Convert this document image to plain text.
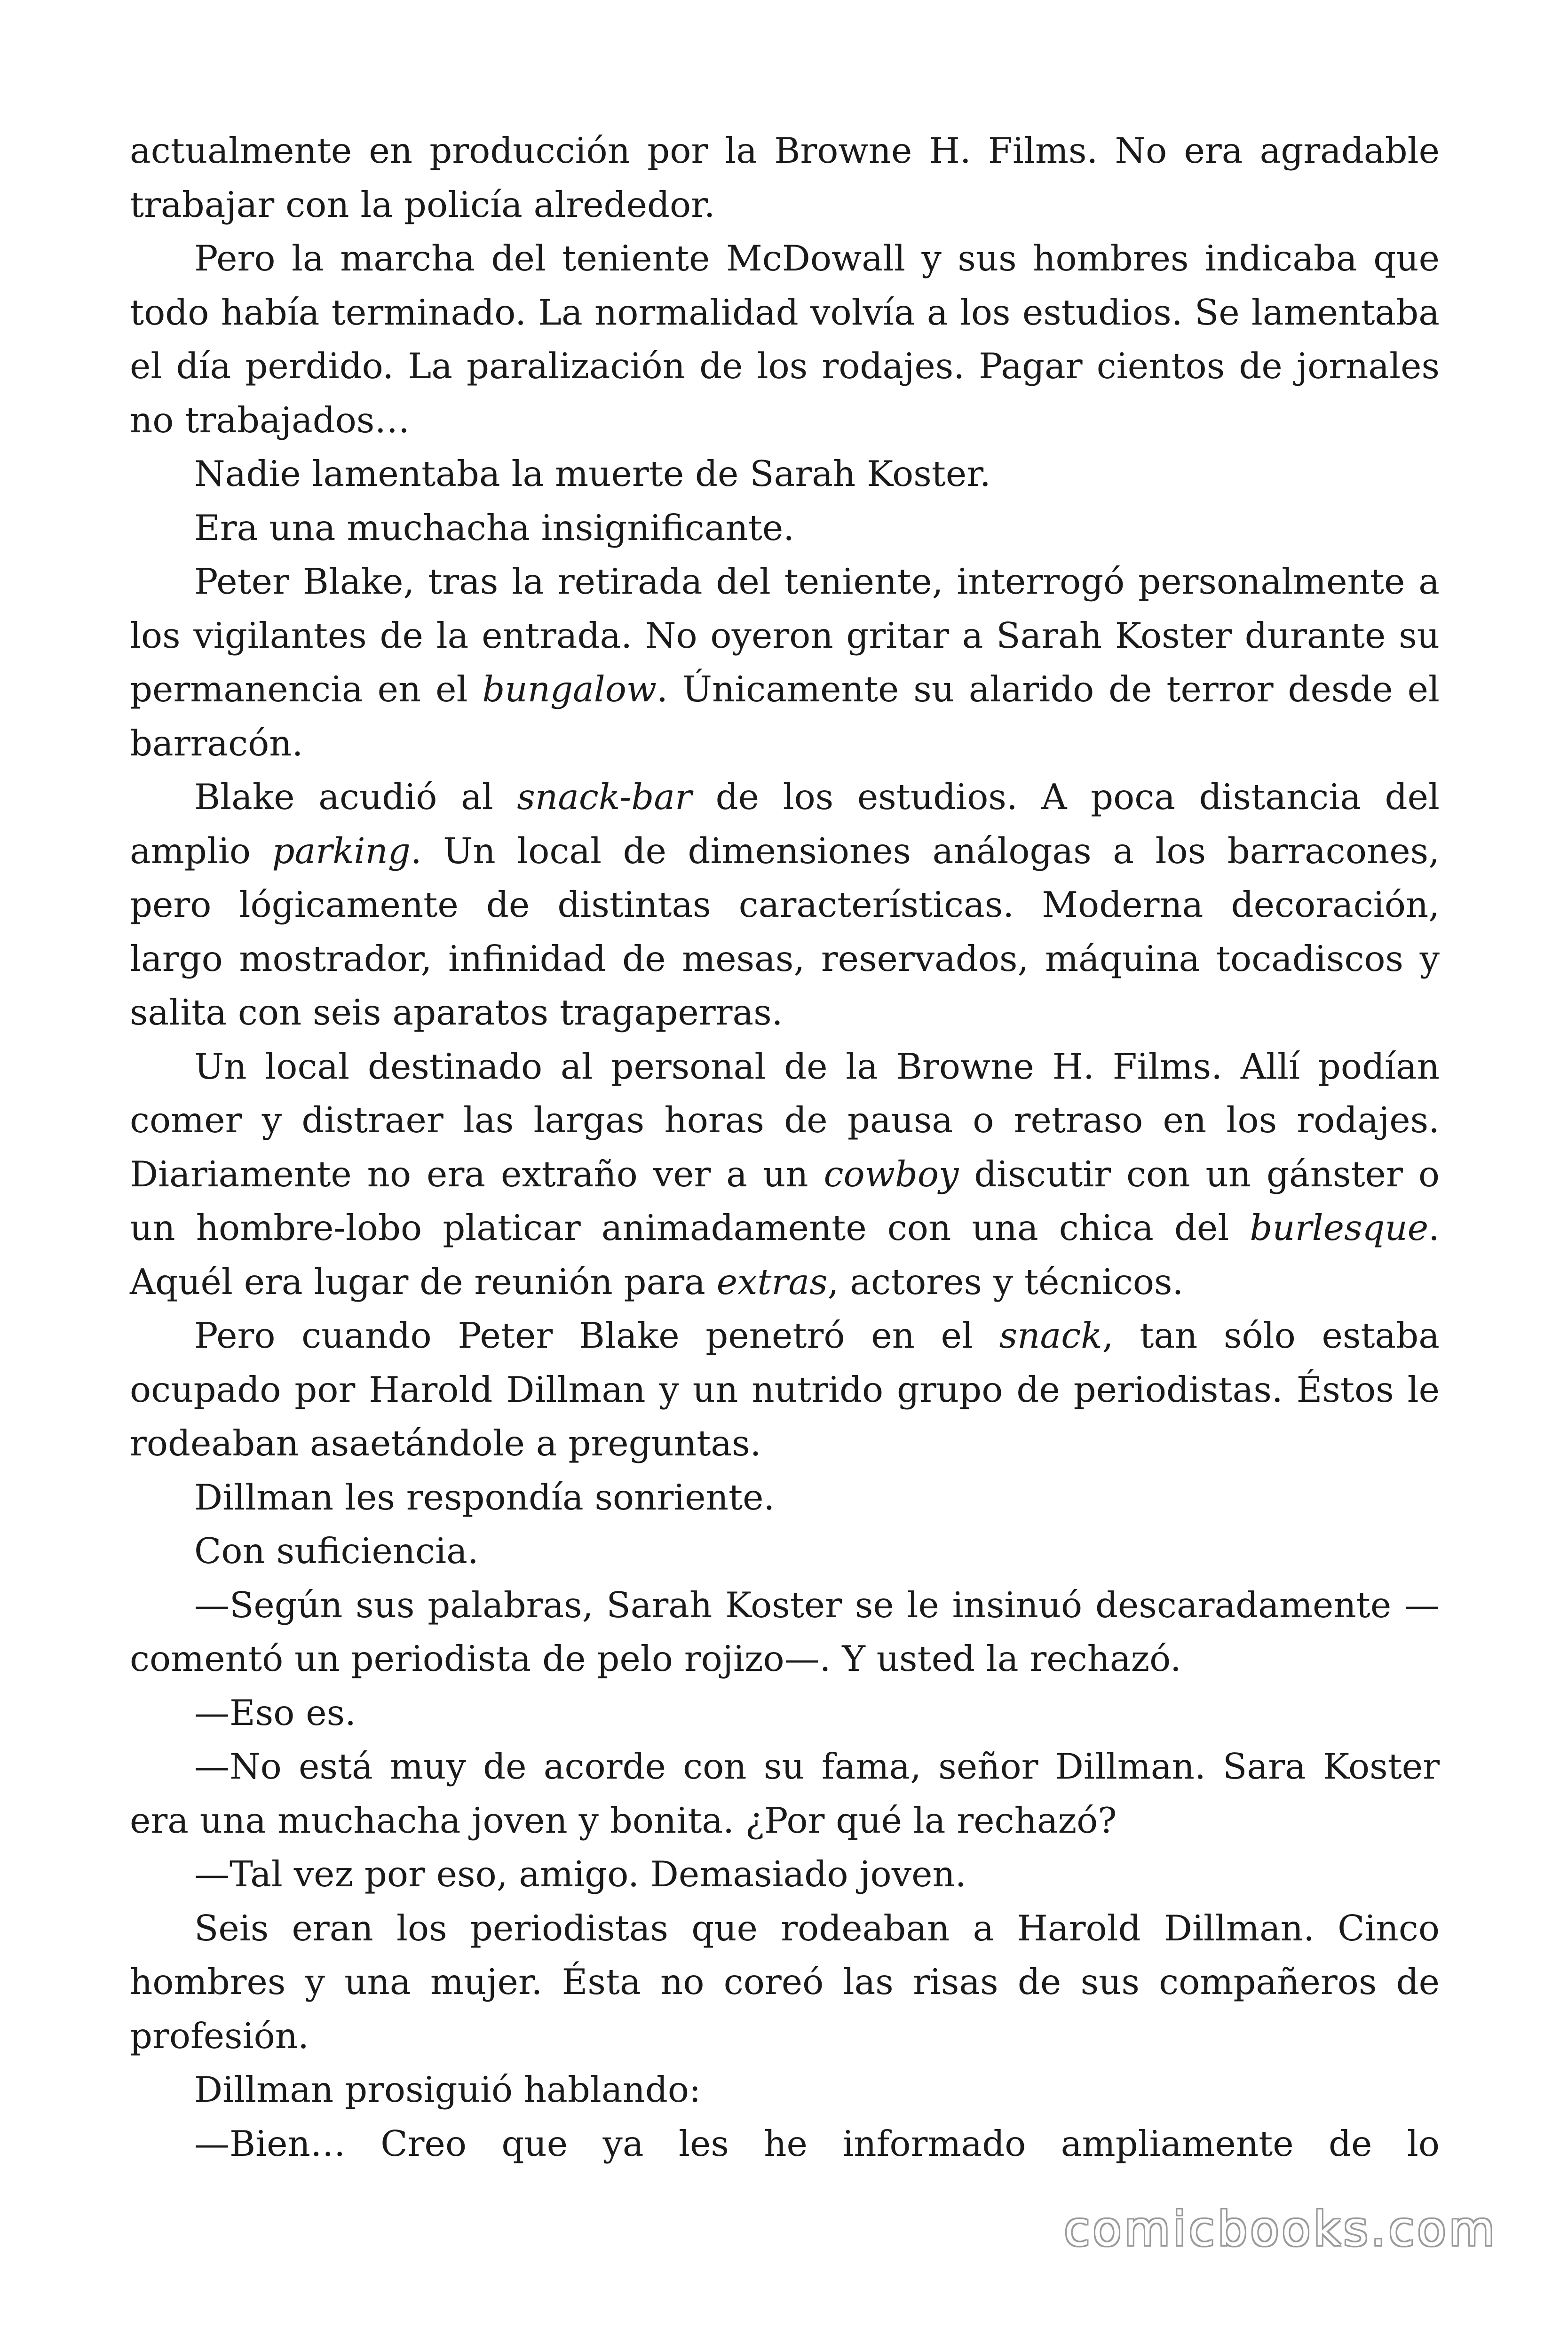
actualmente en producción por la Browne H. Films. No era agradable trabajar con la policía alrededor.

Pero la marcha del teniente McDowall y sus hombres indicaba que todo había terminado. La normalidad volvía a los estudios. Se lamentaba el día perdido. La paralización de los rodajes. Pagar cientos de jornales no trabajados…

Nadie lamentaba la muerte de Sarah Koster.

Era una muchacha insignificante.

Peter Blake, tras la retirada del teniente, interrogó personalmente a los vigilantes de la entrada. No oyeron gritar a Sarah Koster durante su permanencia en el bungalow. Únicamente su alarido de terror desde el barracón.

Blake acudió al snack-bar de los estudios. A poca distancia del amplio parking. Un local de dimensiones análogas a los barracones, pero lógicamente de distintas características. Moderna decoración, largo mostrador, infinidad de mesas, reservados, máquina tocadiscos y salita con seis aparatos tragaperras.

Un local destinado al personal de la Browne H. Films. Allí podían comer y distraer las largas horas de pausa o retraso en los rodajes. Diariamente no era extraño ver a un cowboy discutir con un gánster o un hombre-lobo platicar animadamente con una chica del burlesque. Aquél era lugar de reunión para extras, actores y técnicos.

Pero cuando Peter Blake penetró en el snack, tan sólo estaba ocupado por Harold Dillman y un nutrido grupo de periodistas. Éstos le rodeaban asaetándole a preguntas.

Dillman les respondía sonriente.

Con suficiencia.

—Según sus palabras, Sarah Koster se le insinuó descaradamente —comentó un periodista de pelo rojizo—. Y usted la rechazó.

—Eso es.

—No está muy de acorde con su fama, señor Dillman. Sara Koster era una muchacha joven y bonita. ¿Por qué la rechazó?

—Tal vez por eso, amigo. Demasiado joven.

Seis eran los periodistas que rodeaban a Harold Dillman. Cinco hombres y una mujer. Ésta no coreó las risas de sus compañeros de profesión.

Dillman prosiguió hablando:

—Bien… Creo que ya les he informado ampliamente de lo

comicbooks.com
